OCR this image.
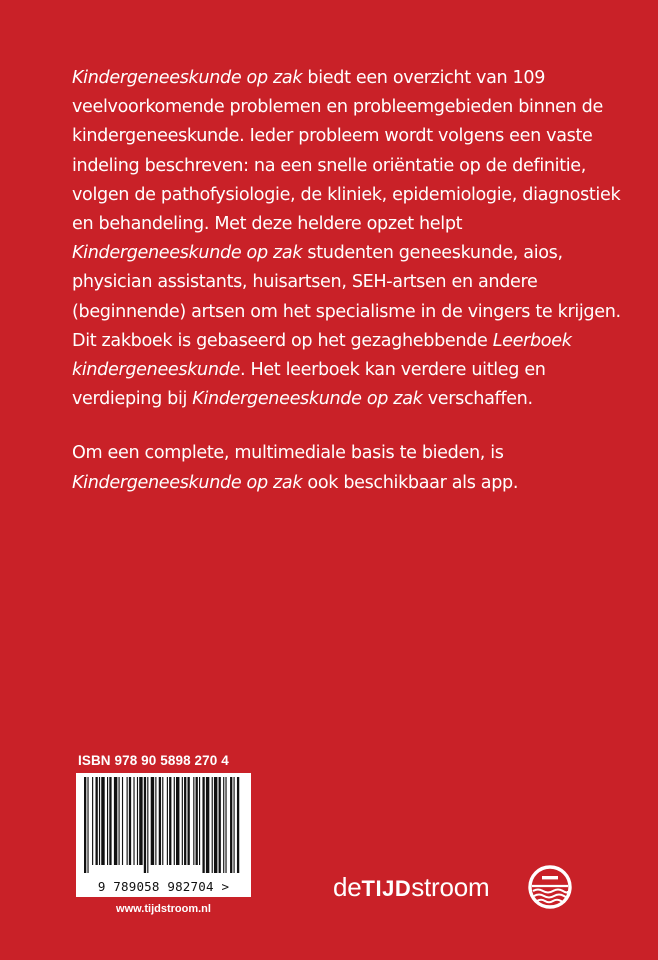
Kindergeneeskunde op zak biedt een overzicht van 109 veelvoorkomende problemen en probleemgebieden binnen de kindergeneeskunde. Ieder probleem wordt volgens een vaste indeling beschreven: na een snelle oriëntatie op de definitie, volgen de pathofysiologie, de kliniek, epidemiologie, diagnostiek en behandeling. Met deze heldere opzet helpt Kindergeneeskunde op zak studenten geneeskunde, aios, physician assistants, huisartsen, SEH-artsen en andere (beginnende) artsen om het specialisme in de vingers te krijgen. Dit zakboek is gebaseerd op het gezaghebbende Leerboek kindergeneeskunde. Het leerboek kan verdere uitleg en verdieping bij Kindergeneeskunde op zak verschaffen.

Om een complete, multimediale basis te bieden, is Kindergeneeskunde op zak ook beschikbaar als app.

ISBN 978 90 5898 270 4
9 789058 982704 >
www.tijdstroom.nl
deTIJDstroom
